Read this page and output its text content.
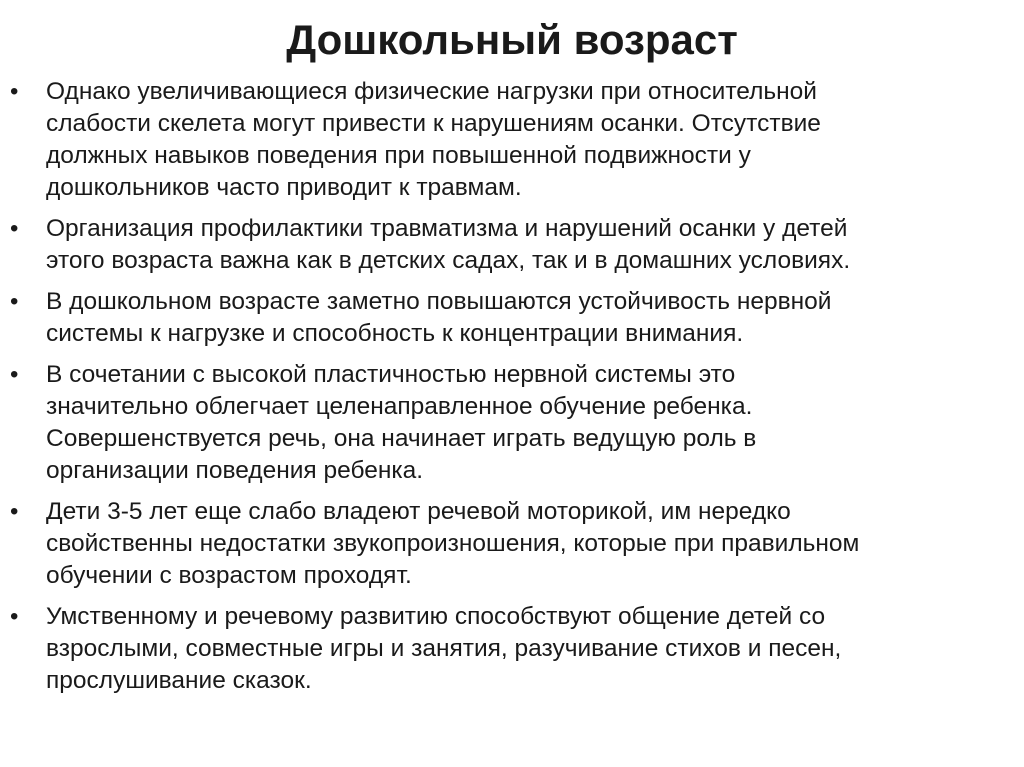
Дошкольный возраст
•	Однако увеличивающиеся физические нагрузки при относительной
слабости скелета могут привести к нарушениям осанки. Отсутствие
должных навыков поведения при повышенной подвижности у
дошкольников часто приводит к травмам.
•	Организация профилактики травматизма и нарушений осанки у детей
этого возраста важна как в детских садах, так и в домашних условиях.
•	В дошкольном возрасте заметно повышаются устойчивость нервной
системы к нагрузке и способность к концентрации внимания.
•	В сочетании с высокой пластичностью нервной системы это
значительно облегчает целенаправленное обучение ребенка.
Совершенствуется речь, она начинает играть ведущую роль в
организации поведения ребенка.
•	Дети 3-5 лет еще слабо владеют речевой моторикой, им нередко
свойственны недостатки звукопроизношения, которые при правильном
обучении с возрастом проходят.
•	Умственному и речевому развитию способствуют общение детей со
взрослыми, совместные игры и занятия, разучивание стихов и песен,
прослушивание сказок.
